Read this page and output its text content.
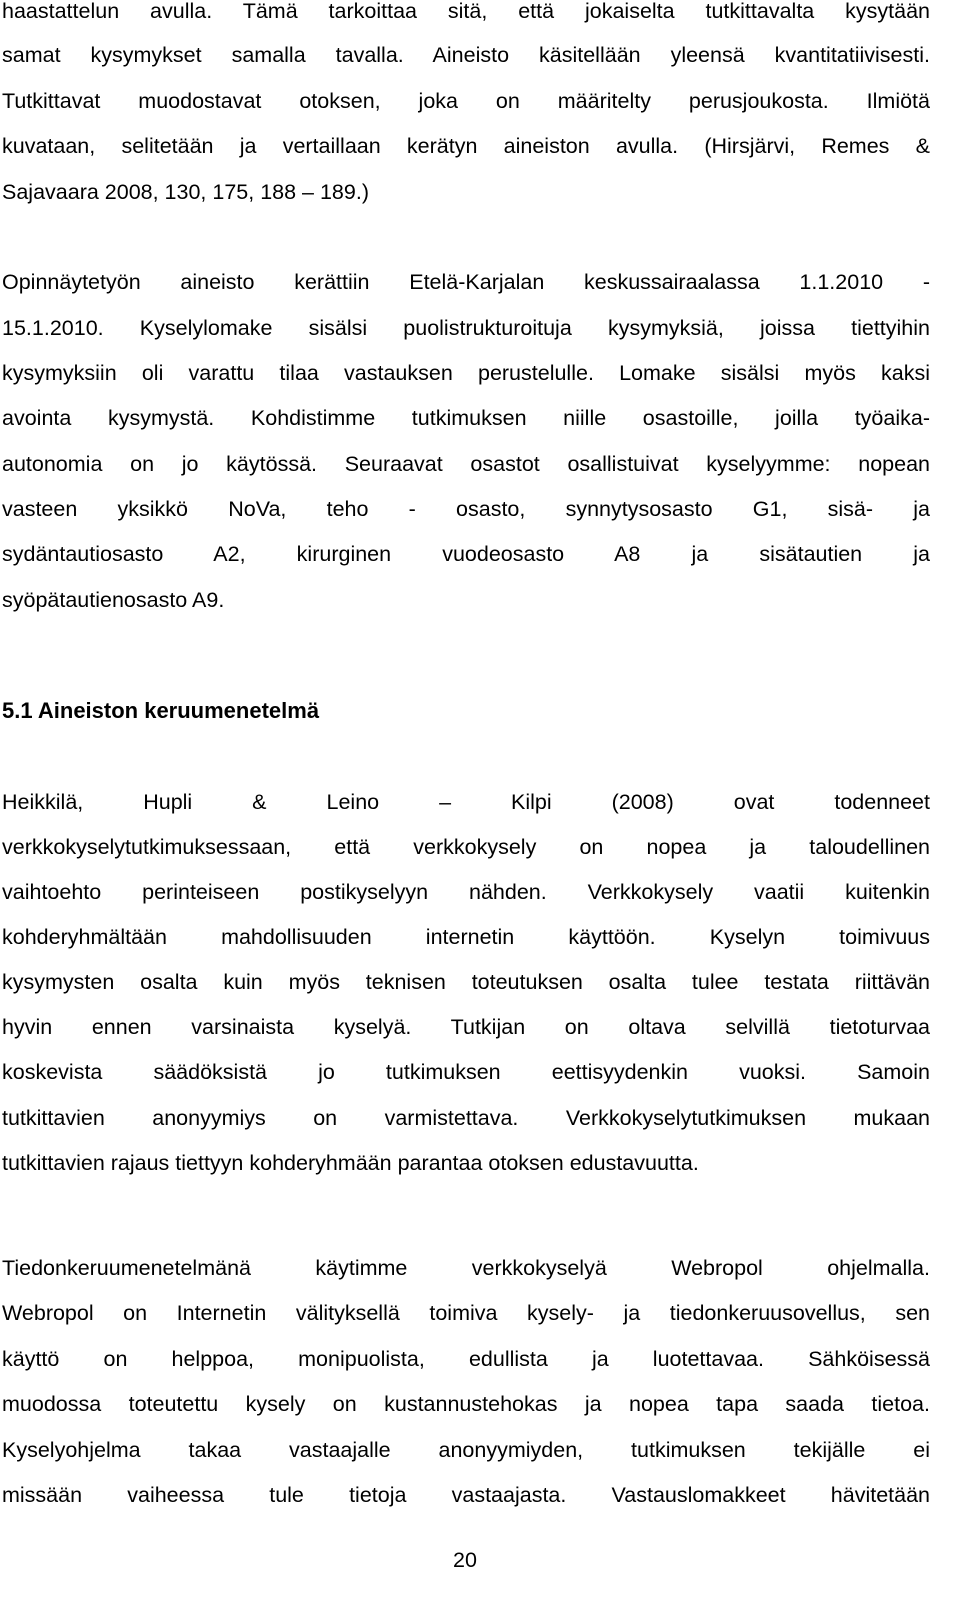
haastattelun avulla. Tämä tarkoittaa sitä, että jokaiselta tutkittavalta kysytään
samat kysymykset samalla tavalla. Aineisto käsitellään yleensä kvantitatiivisesti.
Tutkittavat muodostavat otoksen, joka on määritelty perusjoukosta. Ilmiötä
kuvataan, selitetään ja vertaillaan kerätyn aineiston avulla. (Hirsjärvi, Remes &
Sajavaara 2008, 130, 175, 188 – 189.)
Opinnäytetyön aineisto kerättiin Etelä-Karjalan keskussairaalassa 1.1.2010 -
15.1.2010. Kyselylomake sisälsi puolistrukturoituja kysymyksiä, joissa tiettyihin
kysymyksiin oli varattu tilaa vastauksen perustelulle. Lomake sisälsi myös kaksi
avointa kysymystä. Kohdistimme tutkimuksen niille osastoille, joilla työaika-
autonomia on jo käytössä. Seuraavat osastot osallistuivat kyselyymme: nopean
vasteen yksikkö NoVa, teho - osasto, synnytysosasto G1, sisä- ja
sydäntautiosasto A2, kirurginen vuodeosasto A8 ja sisätautien ja
syöpätautienosasto A9.
5.1 Aineiston keruumenetelmä
Heikkilä, Hupli & Leino – Kilpi (2008) ovat todenneet
verkkokyselytutkimuksessaan, että verkkokysely on nopea ja taloudellinen
vaihtoehto perinteiseen postikyselyyn nähden. Verkkokysely vaatii kuitenkin
kohderyhmältään mahdollisuuden internetin käyttöön. Kyselyn toimivuus
kysymysten osalta kuin myös teknisen toteutuksen osalta tulee testata riittävän
hyvin ennen varsinaista kyselyä. Tutkijan on oltava selvillä tietoturvaa
koskevista säädöksistä jo tutkimuksen eettisyydenkin vuoksi. Samoin
tutkittavien anonyymiys on varmistettava. Verkkokyselytutkimuksen mukaan
tutkittavien rajaus tiettyyn kohderyhmään parantaa otoksen edustavuutta.
Tiedonkeruumenetelmänä käytimme verkkokyselyä Webropol ohjelmalla.
Webropol on Internetin välityksellä toimiva kysely- ja tiedonkeruusovellus, sen
käyttö on helppoa, monipuolista, edullista ja luotettavaa. Sähköisessä
muodossa toteutettu kysely on kustannustehokas ja nopea tapa saada tietoa.
Kyselyohjelma takaa vastaajalle anonyymiyden, tutkimuksen tekijälle ei
missään vaiheessa tule tietoja vastaajasta. Vastauslomakkeet hävitetään
20
